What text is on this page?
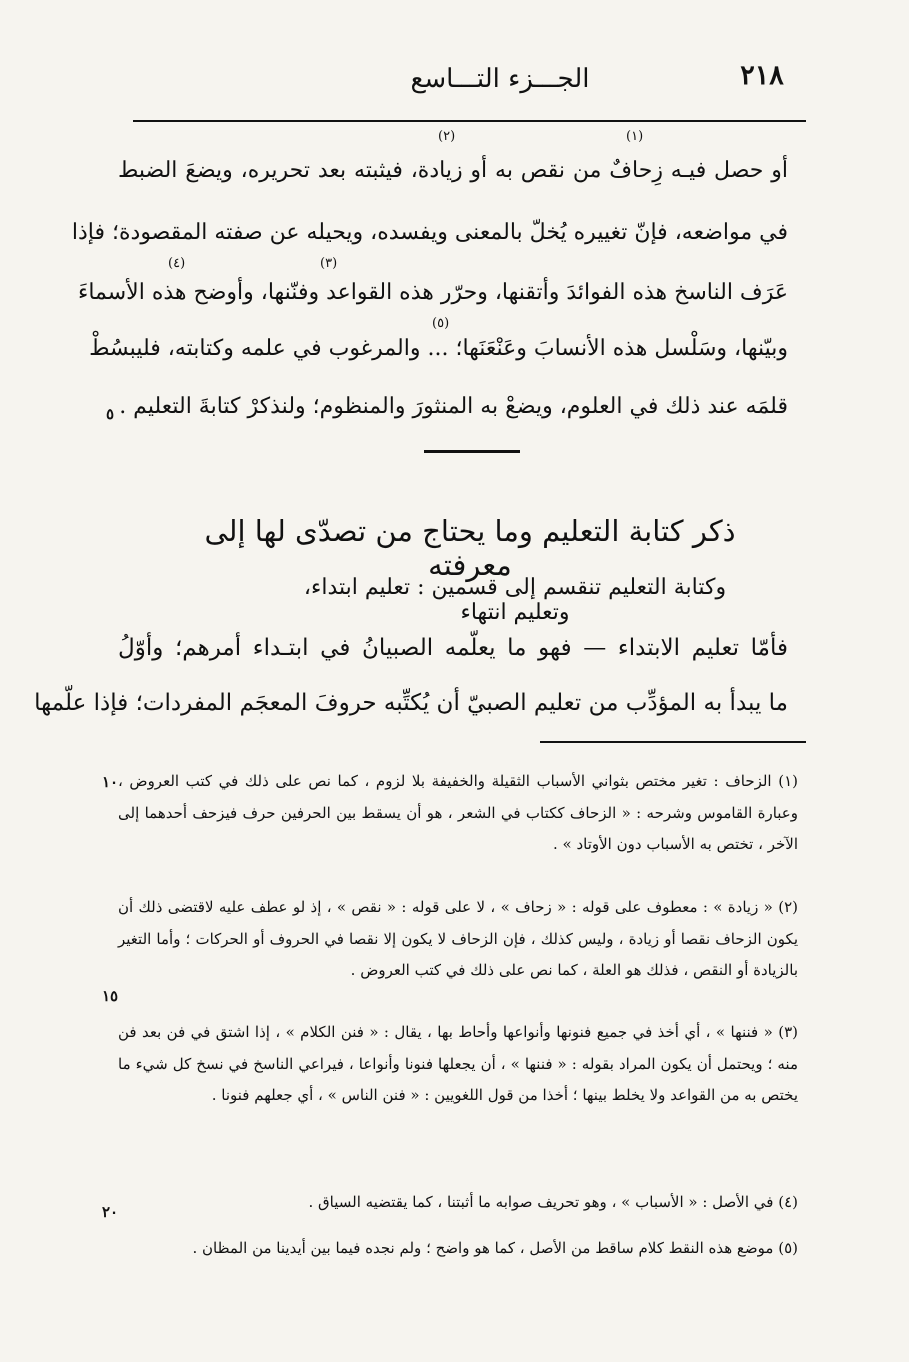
٢١٨
الجـــزء التـــاسع
(١)
(٢)
(٣)
(٤)
(٥)
أو حصل فيـه زِحافٌ من نقص به أو زيادة، فيثبته بعد تحريره، ويضعَ الضبط
في مواضعه، فإنّ تغييره يُخلّ بالمعنى ويفسده، ويحيله عن صفته المقصودة؛ فإذا
عَرَف الناسخ هذه الفوائدَ وأتقنها، وحرّر هذه القواعد وفنّنها، وأوضح هذه الأسماءَ
وبيّنها، وسَلْسل هذه الأنسابَ وعَنْعَنَها؛ ... والمرغوب في علمه وكتابته، فليبسُطْ
قلمَه عند ذلك في العلوم، ويضعْ به المنثورَ والمنظوم؛ ولنذكرْ كتابةَ التعليم .
٥
١٠
١٥
٢٠
ذكر كتابة التعليم وما يحتاج من تصدّى لها إلى معرفته
وكتابة التعليم تنقسم إلى قسمين : تعليم ابتداء، وتعليم انتهاء
فأمّا تعليم الابتداء — فهو ما يعلّمه الصبيانُ في ابتـداء أمرهم؛ وأوّلُ
ما يبدأ به المؤدِّب من تعليم الصبيّ أن يُكتِّبه حروفَ المعجَم المفردات؛ فإذا علّمها
(١) الزحاف : تغير مختص بثواني الأسباب الثقيلة والخفيفة بلا لزوم ، كما نص على ذلك في كتب العروض ، وعبارة القاموس وشرحه : « الزحاف ككتاب في الشعر ، هو أن يسقط بين الحرفين حرف فيزحف أحدهما إلى الآخر ، تختص به الأسباب دون الأوتاد » .
(٢) « زيادة » : معطوف على قوله : « زحاف » ، لا على قوله : « نقص » ، إذ لو عطف عليه لاقتضى ذلك أن يكون الزحاف نقصا أو زيادة ، وليس كذلك ، فإن الزحاف لا يكون إلا نقصا في الحروف أو الحركات ؛ وأما التغير بالزيادة أو النقص ، فذلك هو العلة ، كما نص على ذلك في كتب العروض .
(٣) « فننها » ، أي أخذ في جميع فنونها وأنواعها وأحاط بها ، يقال : « فنن الكلام » ، إذا اشتق في فن بعد فن منه ؛ ويحتمل أن يكون المراد بقوله : « فننها » ، أن يجعلها فنونا وأنواعا ، فيراعي الناسخ في نسخ كل شيء ما يختص به من القواعد ولا يخلط بينها ؛ أخذا من قول اللغويين : « فنن الناس » ، أي جعلهم فنونا .
(٤) في الأصل : « الأسباب » ، وهو تحريف صوابه ما أثبتنا ، كما يقتضيه السياق .
(٥) موضع هذه النقط كلام ساقط من الأصل ، كما هو واضح ؛ ولم نجده فيما بين أيدينا من المظان .
